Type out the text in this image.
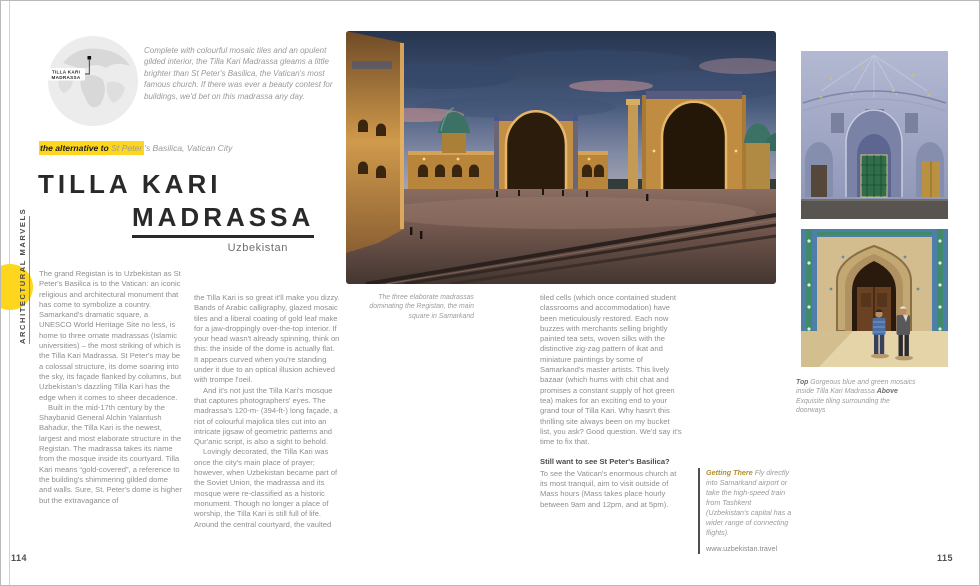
ARCHITECTURAL MARVELS
TILLA KARI
MADRASSA

Complete with colourful mosaic tiles and an opulent gilded interior, the Tilla Kari Madrassa gleams a little brighter than St Peter's Basilica, the Vatican's most famous church. If there was ever a beauty contest for buildings, we'd bet on this madrassa any day.

the alternative to St Peter 's Basilica, Vatican City
TILLA KARI
MADRASSA

Uzbekistan

The grand Registan is to Uzbekistan as St Peter's Basilica is to the Vatican: an iconic religious and architectural monument that has come to symbolize a country. Samarkand's dramatic square, a UNESCO World Heritage Site no less, is home to three ornate madrassas (Islamic universities) – the most striking of which is the Tilla Kari Madrassa. St Peter's may be a colossal structure, its dome soaring into the sky, its façade flanked by columns, but Uzbekistan's dazzling Tilla Kari has the edge when it comes to sheer decadence.

Built in the mid-17th century by the Shaybanid General Alchin Yalantush Bahadur, the Tilla Kari is the newest, largest and most elaborate structure in the Registan. The madrassa takes its name from the mosque inside its courtyard. Tilla Kari means “gold-covered”, a reference to the building's shimmering gilded dome and walls. Sure, St. Peter's dome is higher but the extravagance of

the Tilla Kari is so great it'll make you dizzy. Bands of Arabic calligraphy, glazed mosaic tiles and a liberal coating of gold leaf make for a jaw-droppingly over-the-top interior. If your head wasn't already spinning, think on this: the inside of the dome is actually flat. It appears curved when you're standing under it due to an optical illusion achieved with trompe l'oeil.

And it's not just the Tilla Kari's mosque that captures photographers' eyes. The madrassa's 120-m- (394-ft-) long façade, a riot of colourful majolica tiles cut into an intricate jigsaw of geometric patterns and Qur'anic script, is also a sight to behold.

Lovingly decorated, the Tilla Kari was once the city's main place of prayer; however, when Uzbekistan became part of the Soviet Union, the madrassa and its mosque were re-classified as a historic monument. Though no longer a place of worship, the Tilla Kari is still full of life. Around the central courtyard, the vaulted

tiled cells (which once contained student classrooms and accommodation) have been meticulously restored. Each now buzzes with merchants selling brightly painted tea sets, woven silks with the distinctive zig-zag pattern of ikat and miniature paintings by some of Samarkand's master artists. This lively bazaar (which hums with chit chat and promises a constant supply of hot green tea) makes for an exciting end to your grand tour of Tilla Kari. Why hasn't this thrilling site always been on my bucket list, you ask? Good question. We'd say it's time to fix that.

Still want to see St Peter's Basilica?

To see the Vatican's enormous church at its most tranquil, aim to visit outside of Mass hours (Mass takes place hourly between 9am and 12pm, and at 5pm).

The three elaborate madrassas dominating the Registan, the main square in Samarkand

Top Gorgeous blue and green mosaics inside Tilla Kari Madrassa Above Exquisite tiling surrounding the doorways

Getting There Fly directly into Samarkand airport or take the high-speed train from Tashkent (Uzbekistan's capital has a wider range of connecting flights).

www.uzbekistan.travel

114	115
